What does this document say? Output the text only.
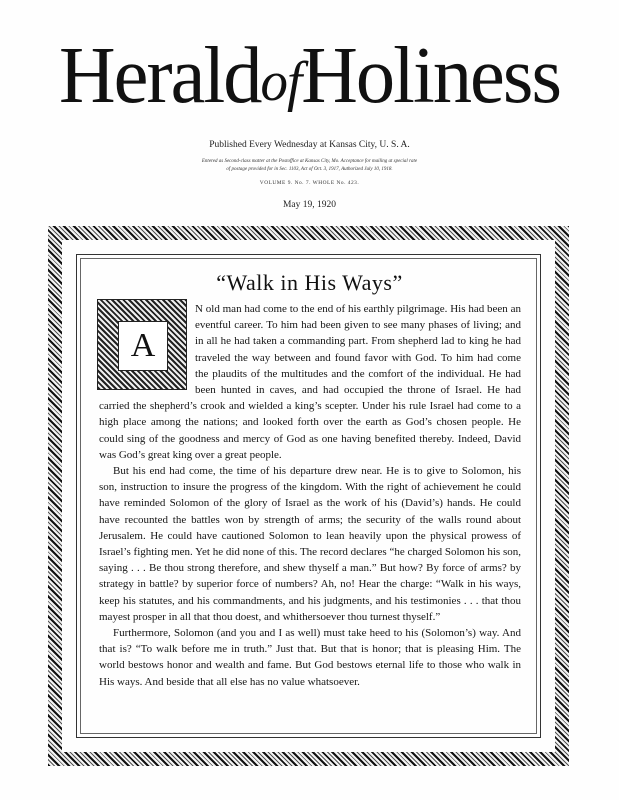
HeraldofHoliness
Published Every Wednesday at Kansas City, U. S. A.
Entered as Second-class matter at the Postoffice at Kansas City, Mo. Acceptance for mailing at special rate
of postage provided for in Sec. 1103, Act of Oct. 3, 1917, Authorized July 10, 1918.
VOLUME 9. No. 7. WHOLE No. 423.
May 19, 1920
“Walk in His Ways”
A

N old man had come to the end of his earthly pilgrimage. His had been an eventful career. To him had been given to see many phases of living; and in all he had taken a commanding part. From shepherd lad to king he had traveled the way between and found favor with God. To him had come the plaudits of the multitudes and the comfort of the individual. He had been hunted in caves, and had occupied the throne of Israel. He had carried the shepherd’s crook and wielded a king’s scepter. Under his rule Israel had come to a high place among the nations; and looked forth over the earth as God’s chosen people. He could sing of the goodness and mercy of God as one having benefited thereby. Indeed, David was God’s great king over a great people.

But his end had come, the time of his departure drew near. He is to give to Solomon, his son, instruction to insure the progress of the kingdom. With the right of achievement he could have reminded Solomon of the glory of Israel as the work of his (David’s) hands. He could have recounted the battles won by strength of arms; the security of the walls round about Jerusalem. He could have cautioned Solomon to lean heavily upon the physical prowess of Israel’s fighting men. Yet he did none of this. The record declares “he charged Solomon his son, saying . . . Be thou strong therefore, and shew thyself a man.” But how? By force of arms? by strategy in battle? by superior force of numbers? Ah, no! Hear the charge: “Walk in his ways, keep his statutes, and his commandments, and his judgments, and his testimonies . . . that thou mayest prosper in all that thou doest, and whithersoever thou turnest thyself.”

Furthermore, Solomon (and you and I as well) must take heed to his (Solomon’s) way. And that is? “To walk before me in truth.” Just that. But that is honor; that is pleasing Him. The world bestows honor and wealth and fame. But God bestows eternal life to those who walk in His ways. And beside that all else has no value whatsoever.
